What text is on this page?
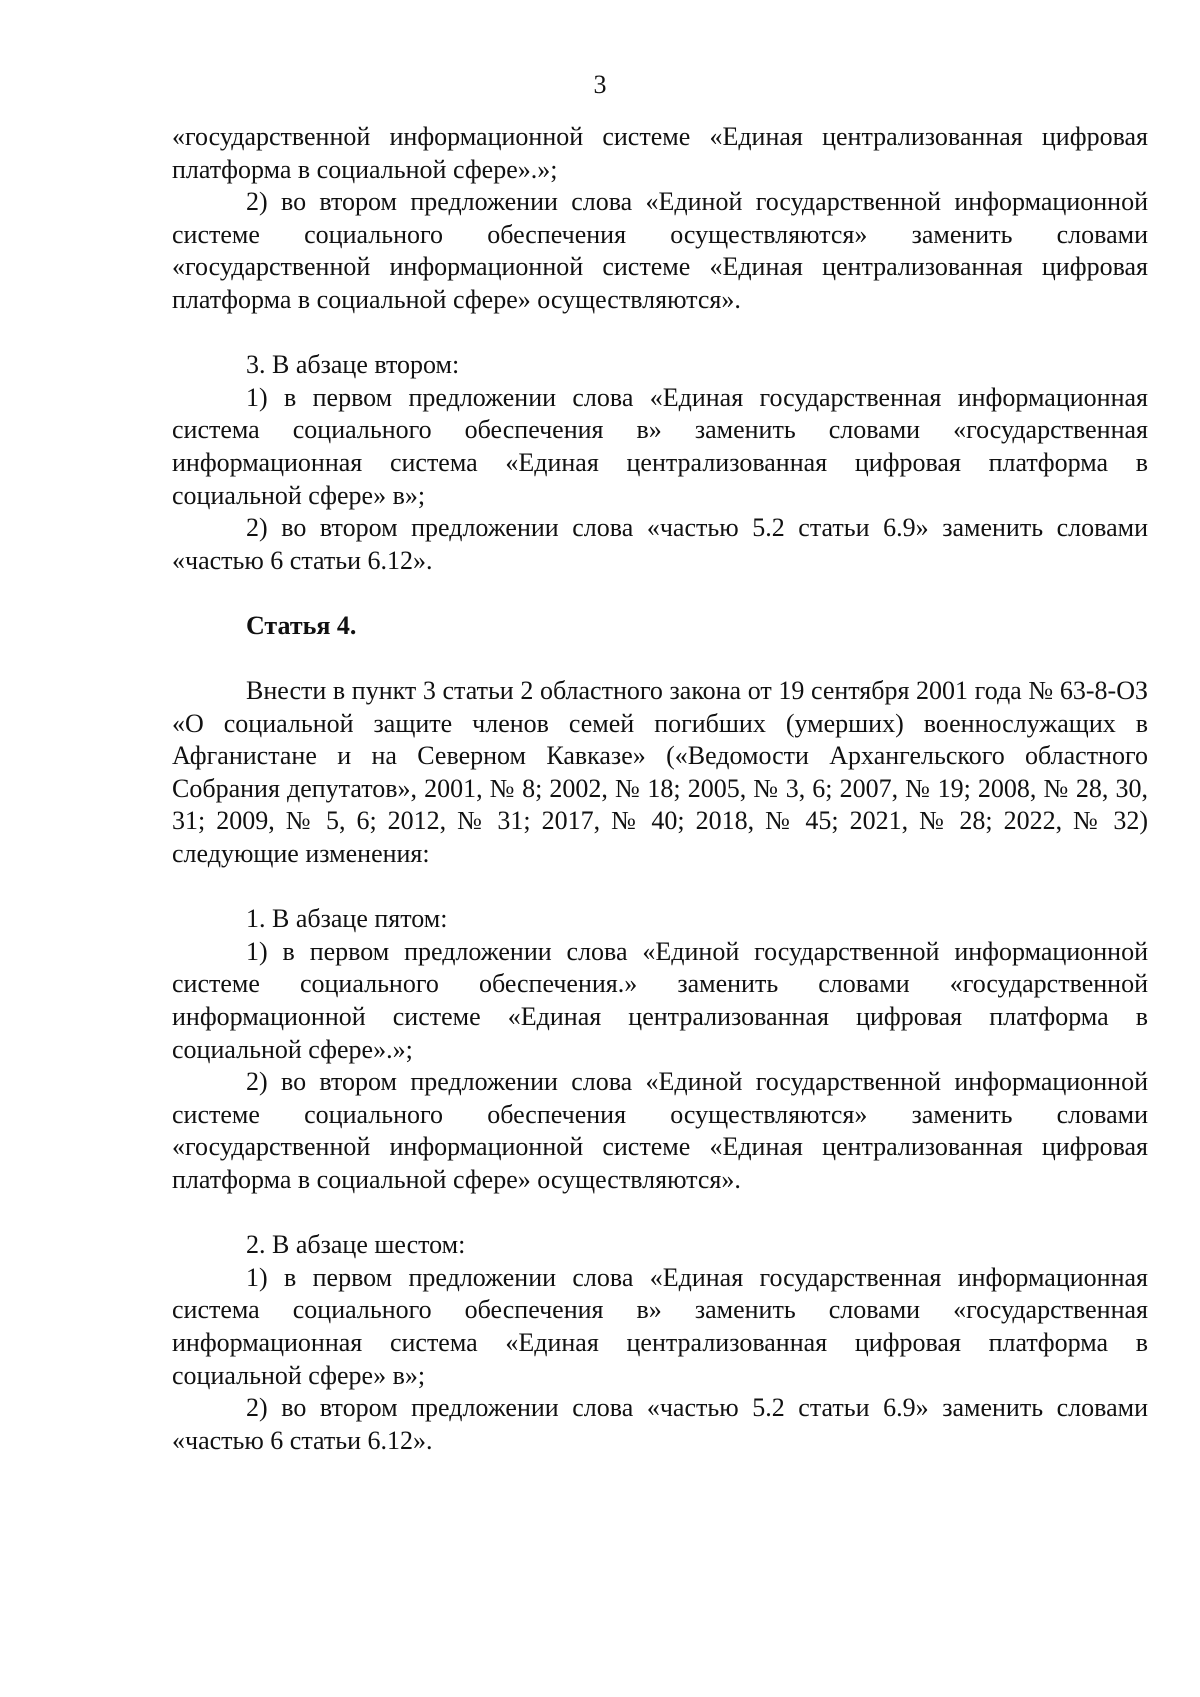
3

«государственной информационной системе «Единая централизованная цифровая платформа в социальной сфере».»;

2) во втором предложении слова «Единой государственной информационной системе социального обеспечения осуществляются» заменить словами «государственной информационной системе «Единая централизованная цифровая платформа в социальной сфере» осуществляются».

3. В абзаце втором:

1) в первом предложении слова «Единая государственная информационная система социального обеспечения в» заменить словами «государственная информационная система «Единая централизованная цифровая платформа в социальной сфере» в»;

2) во втором предложении слова «частью 5.2 статьи 6.9» заменить словами «частью 6 статьи 6.12».

Статья 4.

Внести в пункт 3 статьи 2 областного закона от 19 сентября 2001 года № 63-8-ОЗ «О социальной защите членов семей погибших (умерших) военнослужащих в Афганистане и на Северном Кавказе» («Ведомости Архангельского областного Собрания депутатов», 2001, № 8; 2002, № 18; 2005, № 3, 6; 2007, № 19; 2008, № 28, 30, 31; 2009, № 5, 6; 2012, № 31; 2017, № 40; 2018, № 45; 2021, № 28; 2022, № 32) следующие изменения:

1. В абзаце пятом:

1) в первом предложении слова «Единой государственной информационной системе социального обеспечения.» заменить словами «государственной информационной системе «Единая централизованная цифровая платформа в социальной сфере».»;

2) во втором предложении слова «Единой государственной информационной системе социального обеспечения осуществляются» заменить словами «государственной информационной системе «Единая централизованная цифровая платформа в социальной сфере» осуществляются».

2. В абзаце шестом:

1) в первом предложении слова «Единая государственная информационная система социального обеспечения в» заменить словами «государственная информационная система «Единая централизованная цифровая платформа в социальной сфере» в»;

2) во втором предложении слова «частью 5.2 статьи 6.9» заменить словами «частью 6 статьи 6.12».
